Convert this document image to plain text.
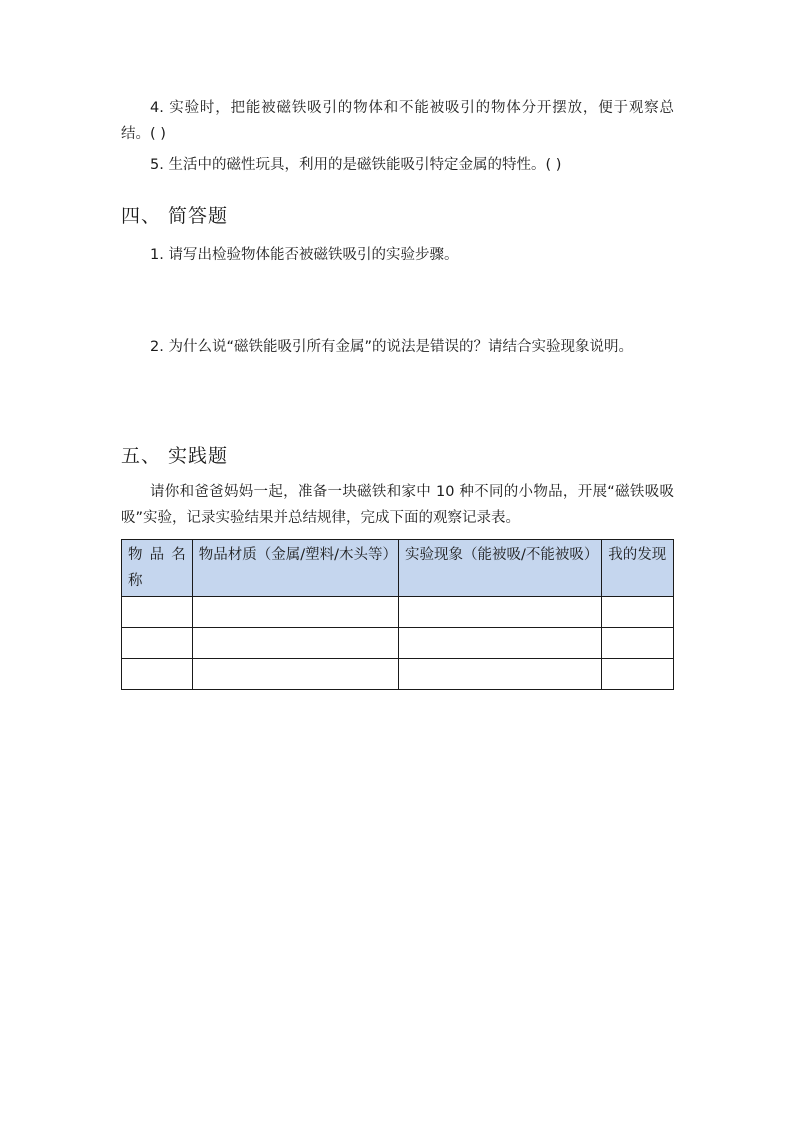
4. 实验时，把能被磁铁吸引的物体和不能被吸引的物体分开摆放，便于观察总结。( )

5. 生活中的磁性玩具，利用的是磁铁能吸引特定金属的特性。( )

四、 简答题

1. 请写出检验物体能否被磁铁吸引的实验步骤。

2. 为什么说“磁铁能吸引所有金属”的说法是错误的？请结合实验现象说明。

五、 实践题

请你和爸爸妈妈一起，准备一块磁铁和家中 10 种不同的小物品，开展“磁铁吸吸吸”实验，记录实验结果并总结规律，完成下面的观察记录表。

物品名称	物品材质（金属/塑料/木头等）	实验现象（能被吸/不能被吸）	我的发现
